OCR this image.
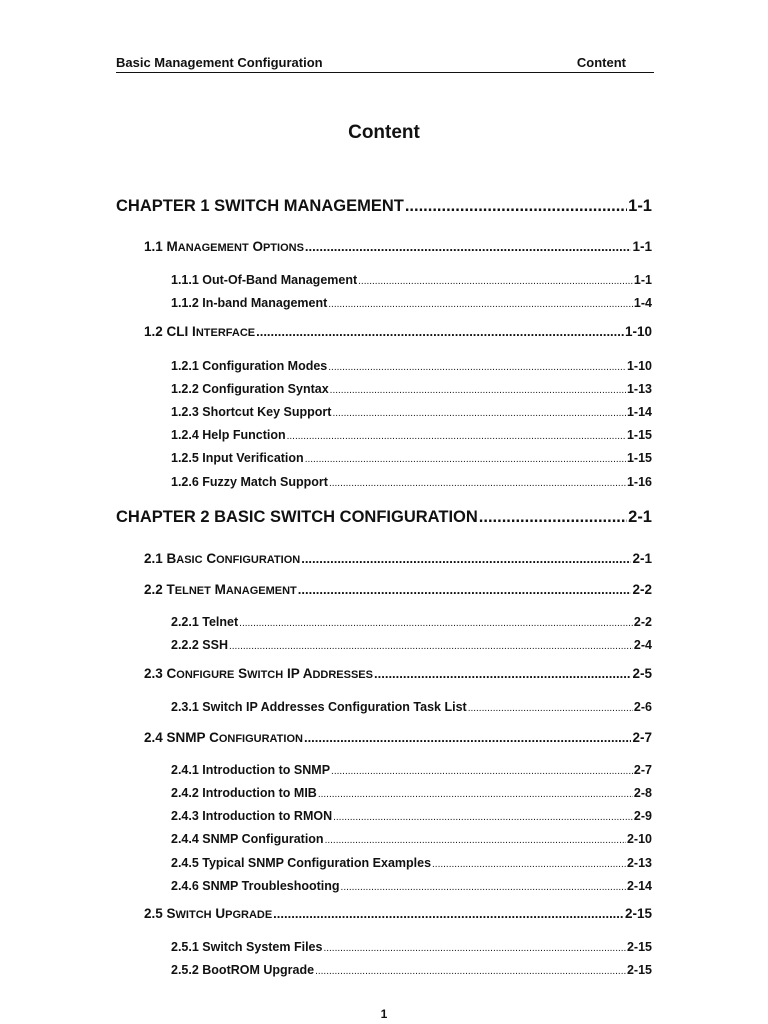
Basic Management Configuration	Content
Content
CHAPTER 1 SWITCH MANAGEMENT .....	1-1
1.1 MANAGEMENT OPTIONS .....	1-1
1.1.1 Out-Of-Band Management .....	1-1
1.1.2 In-band Management .....	1-4
1.2 CLI INTERFACE .....	1-10
1.2.1 Configuration Modes .....	1-10
1.2.2 Configuration Syntax .....	1-13
1.2.3 Shortcut Key Support .....	1-14
1.2.4 Help Function .....	1-15
1.2.5 Input Verification .....	1-15
1.2.6 Fuzzy Match Support .....	1-16
CHAPTER 2 BASIC SWITCH CONFIGURATION .....	2-1
2.1 BASIC CONFIGURATION .....	2-1
2.2 TELNET MANAGEMENT .....	2-2
2.2.1 Telnet .....	2-2
2.2.2 SSH .....	2-4
2.3 CONFIGURE SWITCH IP ADDRESSES .....	2-5
2.3.1 Switch IP Addresses Configuration Task List .....	2-6
2.4 SNMP CONFIGURATION .....	2-7
2.4.1 Introduction to SNMP .....	2-7
2.4.2 Introduction to MIB .....	2-8
2.4.3 Introduction to RMON .....	2-9
2.4.4 SNMP Configuration .....	2-10
2.4.5 Typical SNMP Configuration Examples .....	2-13
2.4.6 SNMP Troubleshooting .....	2-14
2.5 SWITCH UPGRADE .....	2-15
2.5.1 Switch System Files .....	2-15
2.5.2 BootROM Upgrade .....	2-15
1
